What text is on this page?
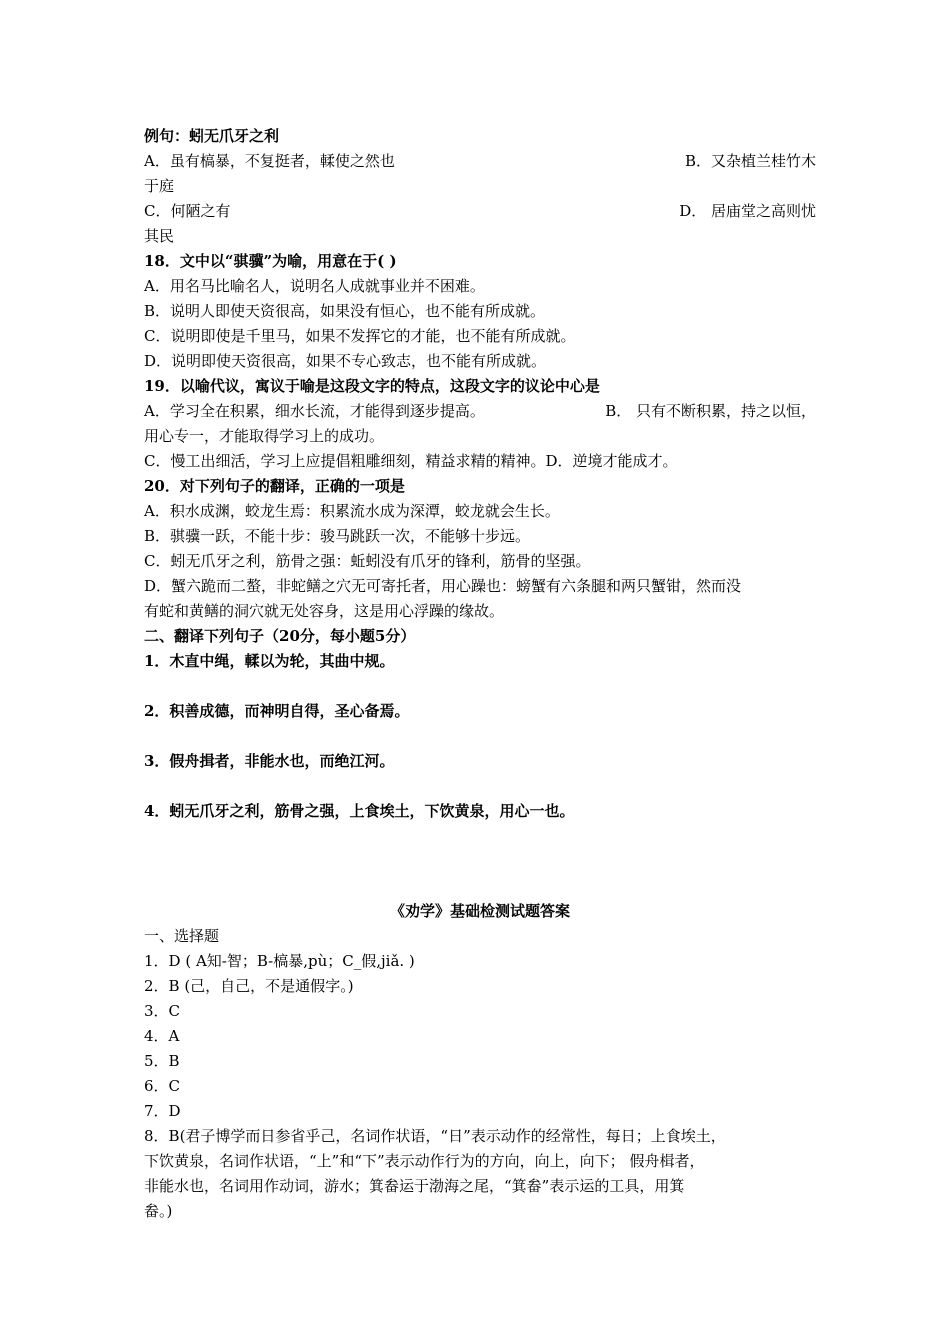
例句：蚓无爪牙之利
A．虽有槁暴，不复挺者，輮使之然也	B．又杂植兰桂竹木
于庭
C．何陋之有	D． 居庙堂之高则忧
其民
18．文中以“骐骥”为喻，用意在于( )
A．用名马比喻名人，说明名人成就事业并不困难。
B．说明人即使天资很高，如果没有恒心，也不能有所成就。
C．说明即使是千里马，如果不发挥它的才能，也不能有所成就。
D．说明即使天资很高，如果不专心致志，也不能有所成就。
19．以喻代议，寓议于喻是这段文字的特点，这段文字的议论中心是
A．学习全在积累，细水长流，才能得到逐步提高。	B． 只有不断积累，持之以恒，
用心专一，才能取得学习上的成功。
C．慢工出细活，学习上应提倡粗雕细刻，精益求精的精神。D．逆境才能成才。
20．对下列句子的翻译，正确的一项是
A．积水成渊，蛟龙生焉：积累流水成为深潭，蛟龙就会生长。
B．骐骥一跃，不能十步：骏马跳跃一次，不能够十步远。
C．蚓无爪牙之利，筋骨之强：蚯蚓没有爪牙的锋利，筋骨的坚强。
D．蟹六跪而二螯，非蛇鳝之穴无可寄托者，用心躁也：螃蟹有六条腿和两只蟹钳，然而没
有蛇和黄鳝的洞穴就无处容身，这是用心浮躁的缘故。
二、翻译下列句子（20分，每小题5分）
1．木直中绳，輮以为轮，其曲中规。
2．积善成德，而神明自得，圣心备焉。
3．假舟揖者，非能水也，而绝江河。
4．蚓无爪牙之利，筋骨之强，上食埃土，下饮黄泉，用心一也。
《劝学》基础检测试题答案
一、选择题
1．D ( A知-智；B-槁暴,pù；C_假,jiǎ. )
2．B (己，自己，不是通假字。)
3．C
4．A
5．B
6．C
7．D
8．B(君子博学而日参省乎己，名词作状语，“日”表示动作的经常性，每日；上食埃土，
下饮黄泉，名词作状语，“上”和“下”表示动作行为的方向，向上，向下； 假舟楫者，
非能水也，名词用作动词，游水；箕畚运于渤海之尾，“箕畚”表示运的工具，用箕
畚。)
